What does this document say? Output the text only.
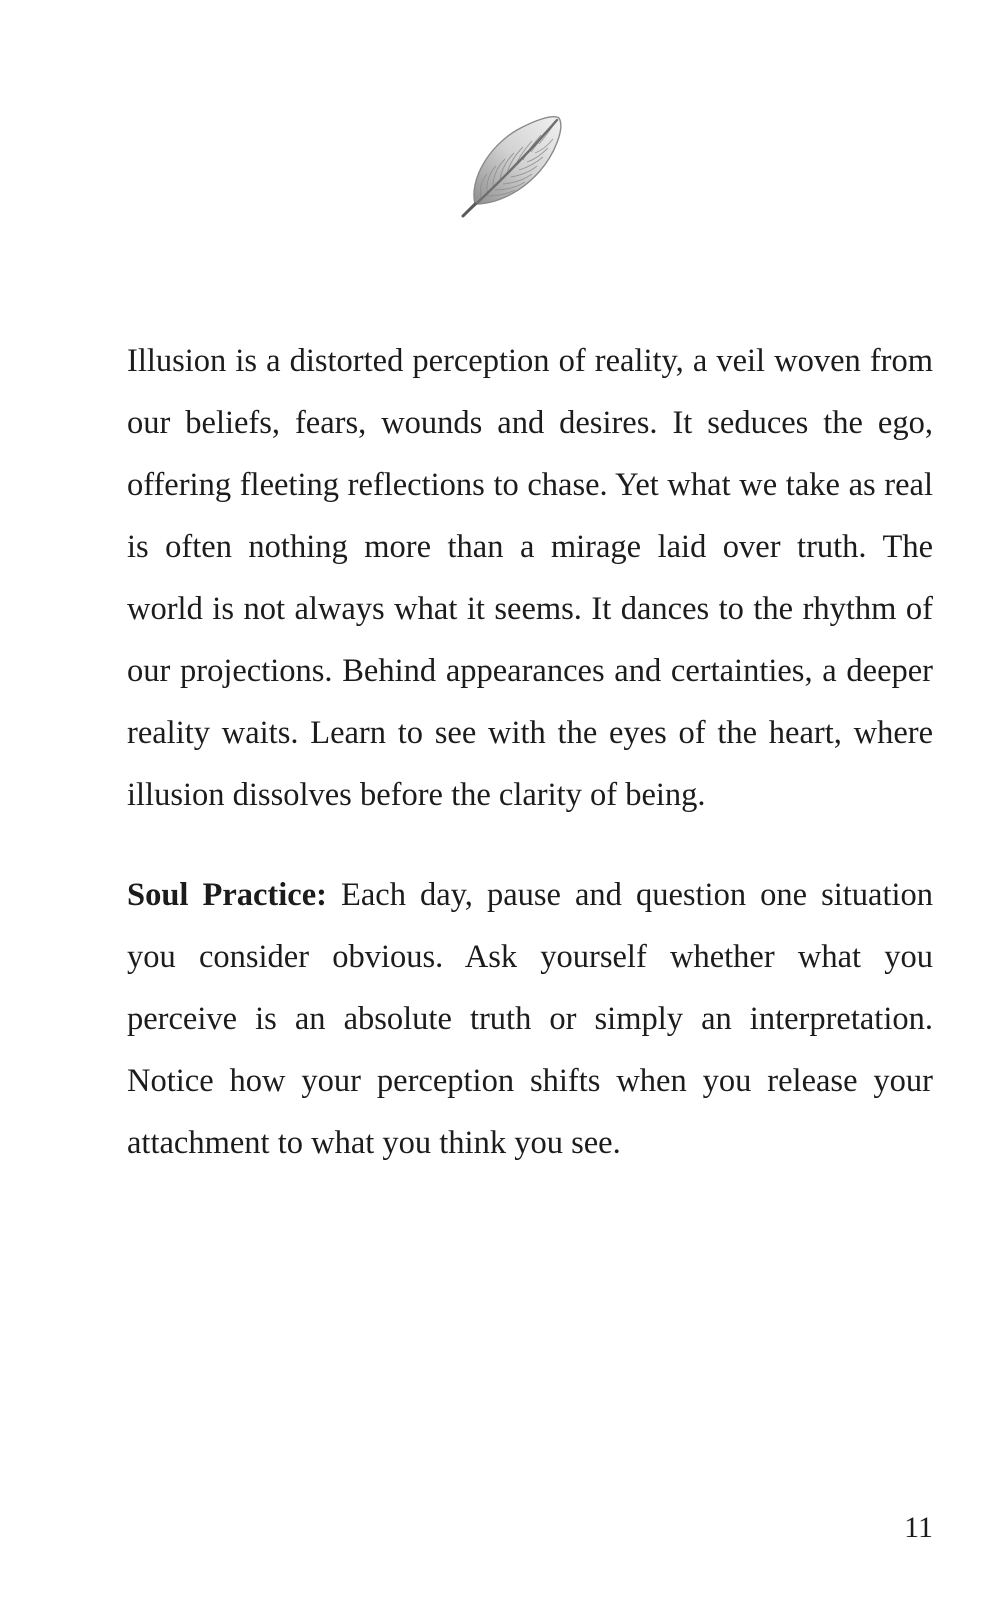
Illusion is a distorted perception of reality, a veil woven from our beliefs, fears, wounds and desires. It seduces the ego, offering fleeting reflections to chase. Yet what we take as real is often nothing more than a mirage laid over truth. The world is not always what it seems. It dances to the rhythm of our projections. Behind appearances and certainties, a deeper reality waits. Learn to see with the eyes of the heart, where illusion dissolves before the clarity of being.

Soul Practice: Each day, pause and question one situation you consider obvious. Ask yourself whether what you perceive is an absolute truth or simply an interpretation. Notice how your perception shifts when you release your attachment to what you think you see.

11
